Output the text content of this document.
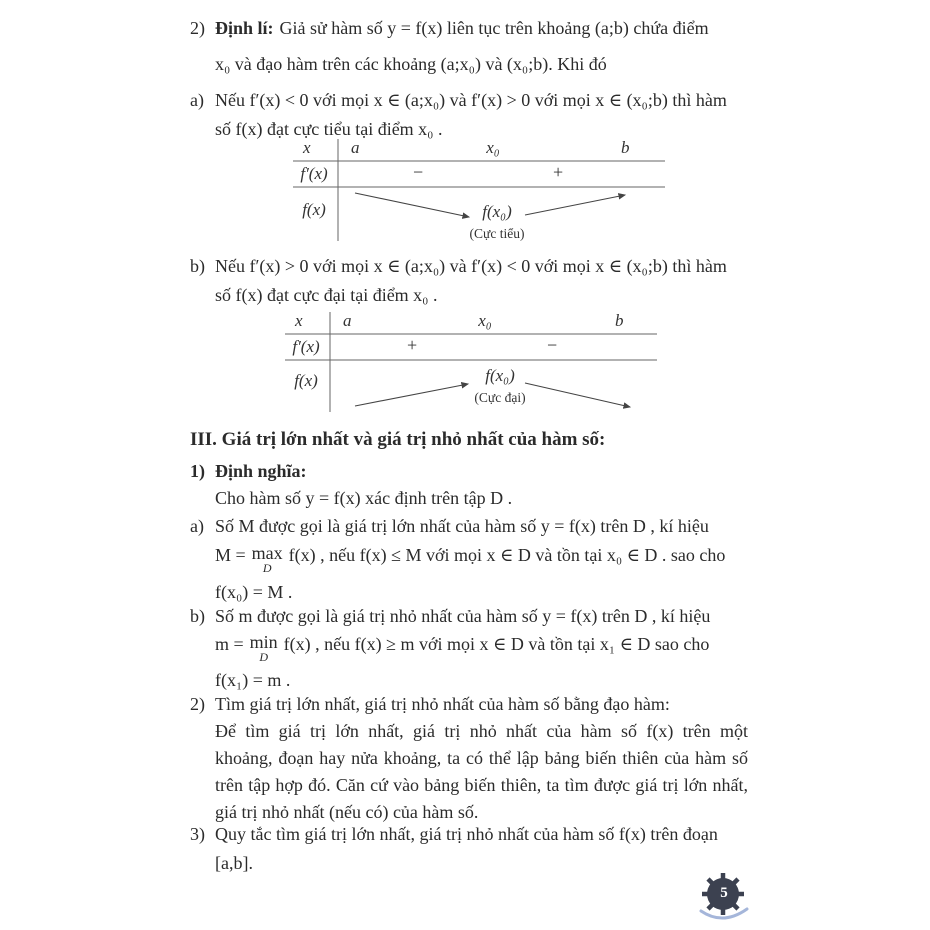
2) Định lí: Giả sử hàm số y = f(x) liên tục trên khoảng (a;b) chứa điểm
x₀ và đạo hàm trên các khoảng (a;x₀) và (x₀;b). Khi đó
a) Nếu f′(x) < 0 với mọi x ∈ (a;x₀) và f′(x) > 0 với mọi x ∈ (x₀;b) thì hàm
số f(x) đạt cực tiểu tại điểm x₀ .
x a	x₀	b
f′(x)	−	+
f(x)	f(x₀)
(Cực tiểu)
b) Nếu f′(x) > 0 với mọi x ∈ (a;x₀) và f′(x) < 0 với mọi x ∈ (x₀;b) thì hàm
số f(x) đạt cực đại tại điểm x₀ .
x a	x₀	b
f′(x)	+	−
f(x)	f(x₀)
(Cực đại)
III. Giá trị lớn nhất và giá trị nhỏ nhất của hàm số:
1) Định nghĩa:
Cho hàm số y = f(x) xác định trên tập D .
a) Số M được gọi là giá trị lớn nhất của hàm số y = f(x) trên D , kí hiệu
M = max
D
f(x) , nếu f(x) ≤ M với mọi x ∈ D và tồn tại x₀ ∈ D . sao cho
f(x₀) = M .
b) Số m được gọi là giá trị nhỏ nhất của hàm số y = f(x) trên D , kí hiệu
m = min
D
f(x) , nếu f(x) ≥ m với mọi x ∈ D và tồn tại x₁ ∈ D sao cho
f(x₁) = m .
2) Tìm giá trị lớn nhất, giá trị nhỏ nhất của hàm số bằng đạo hàm:
Để tìm giá trị lớn nhất, giá trị nhỏ nhất của hàm số f(x) trên một
khoảng, đoạn hay nửa khoảng, ta có thể lập bảng biến thiên của hàm số
trên tập hợp đó. Căn cứ vào bảng biến thiên, ta tìm được giá trị lớn nhất,
giá trị nhỏ nhất (nếu có) của hàm số.
3) Quy tắc tìm giá trị lớn nhất, giá trị nhỏ nhất của hàm số f(x) trên đoạn
[a,b].
5
